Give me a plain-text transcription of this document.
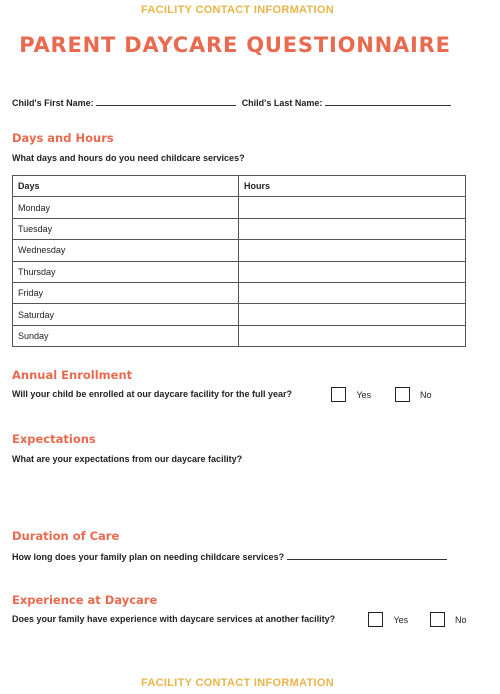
FACILITY CONTACT INFORMATION
PARENT DAYCARE QUESTIONNAIRE
Child's First Name:	Child's Last Name:
Days and Hours
What days and hours do you need childcare services?
Days	Hours
Monday	
Tuesday	
Wednesday	
Thursday	
Friday	
Saturday	
Sunday	
Annual Enrollment
Will your child be enrolled at our daycare facility for the full year?	Yes	No
Expectations
What are your expectations from our daycare facility?
Duration of Care
How long does your family plan on needing childcare services?
Experience at Daycare
Does your family have experience with daycare services at another facility?	Yes	No
FACILITY CONTACT INFORMATION
